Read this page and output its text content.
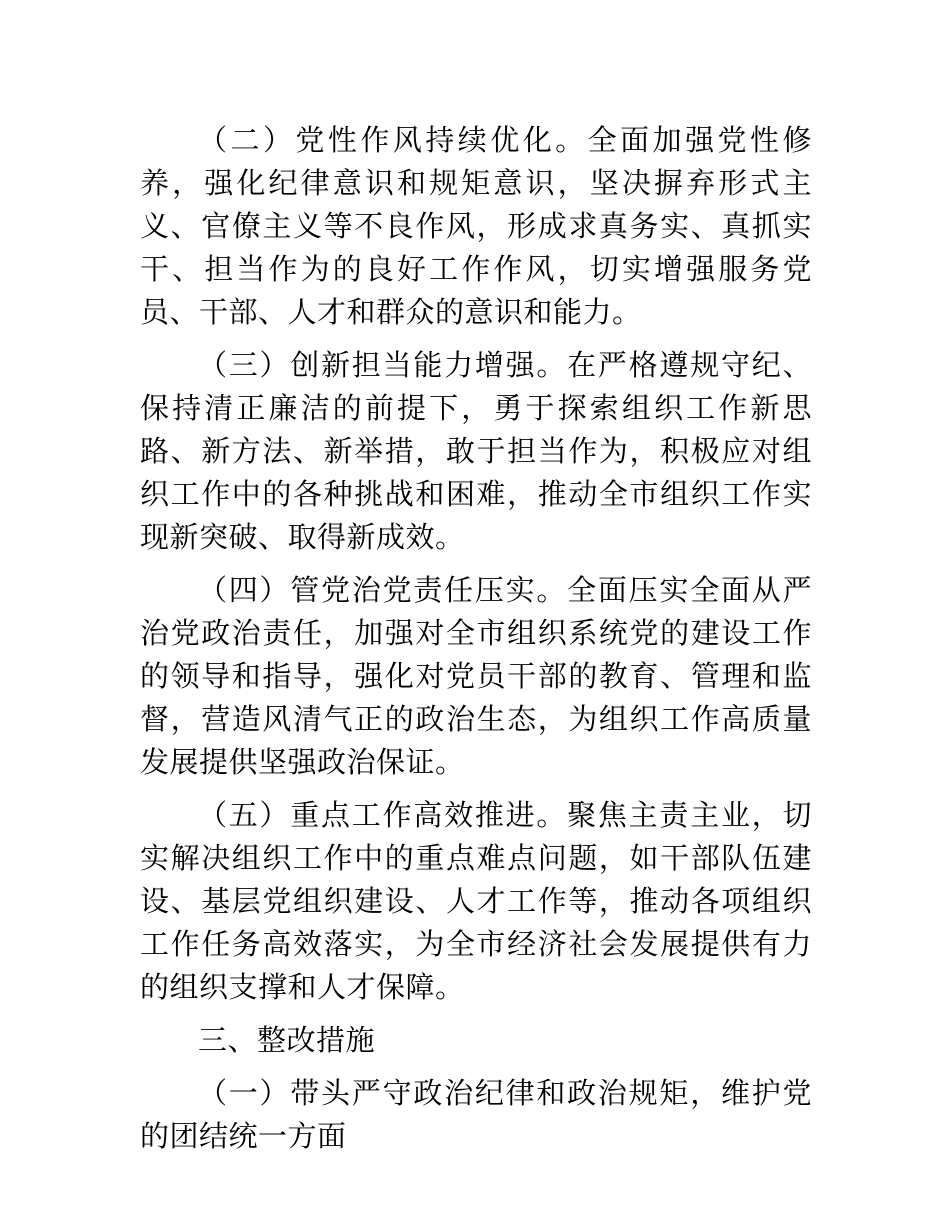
（二）党性作风持续优化。全面加强党性修养，强化纪律意识和规矩意识，坚决摒弃形式主义、官僚主义等不良作风，形成求真务实、真抓实干、担当作为的良好工作作风，切实增强服务党员、干部、人才和群众的意识和能力。

（三）创新担当能力增强。在严格遵规守纪、保持清正廉洁的前提下，勇于探索组织工作新思路、新方法、新举措，敢于担当作为，积极应对组织工作中的各种挑战和困难，推动全市组织工作实现新突破、取得新成效。

（四）管党治党责任压实。全面压实全面从严治党政治责任，加强对全市组织系统党的建设工作的领导和指导，强化对党员干部的教育、管理和监督，营造风清气正的政治生态，为组织工作高质量发展提供坚强政治保证。

（五）重点工作高效推进。聚焦主责主业，切实解决组织工作中的重点难点问题，如干部队伍建设、基层党组织建设、人才工作等，推动各项组织工作任务高效落实，为全市经济社会发展提供有力的组织支撑和人才保障。

三、整改措施

（一）带头严守政治纪律和政治规矩，维护党的团结统一方面
